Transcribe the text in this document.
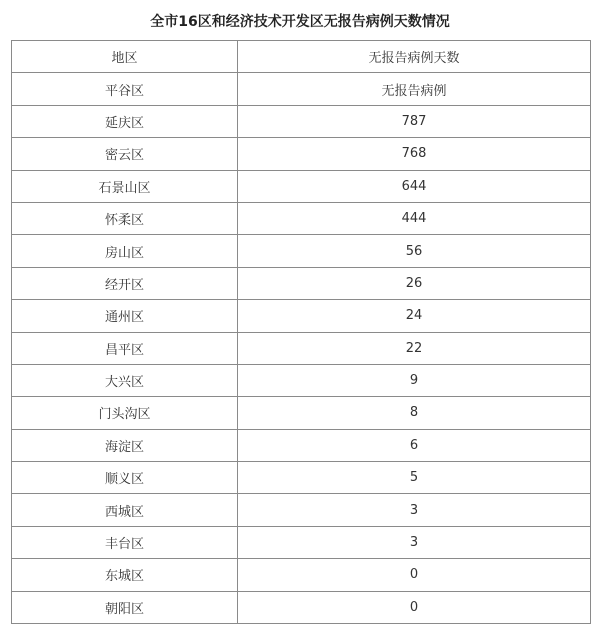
全市16区和经济技术开发区无报告病例天数情况
地区	无报告病例天数
平谷区	无报告病例
延庆区	787
密云区	768
石景山区	644
怀柔区	444
房山区	56
经开区	26
通州区	24
昌平区	22
大兴区	9
门头沟区	8
海淀区	6
顺义区	5
西城区	3
丰台区	3
东城区	0
朝阳区	0
